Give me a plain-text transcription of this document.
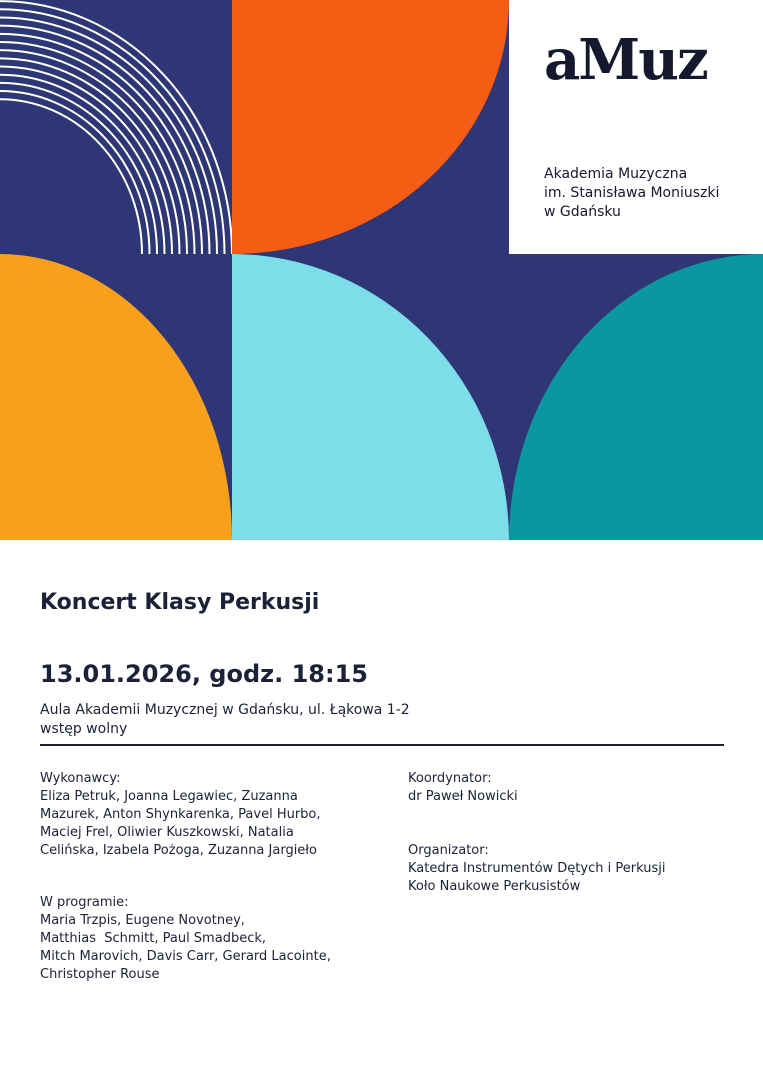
aMuz
Akademia Muzyczna
im. Stanisława Moniuszki
w Gdańsku
Koncert Klasy Perkusji
13.01.2026, godz. 18:15
Aula Akademii Muzycznej w Gdańsku, ul. Łąkowa 1-2
wstęp wolny
Wykonawcy:
Eliza Petruk, Joanna Legawiec, Zuzanna
Mazurek, Anton Shynkarenka, Pavel Hurbo,
Maciej Frel, Oliwier Kuszkowski, Natalia
Celińska, Izabela Pożoga, Zuzanna Jargieło
W programie:
Maria Trzpis, Eugene Novotney,
Matthias  Schmitt, Paul Smadbeck,
Mitch Marovich, Davis Carr, Gerard Lacointe,
Christopher Rouse
Koordynator:
dr Paweł Nowicki
Organizator:
Katedra Instrumentów Dętych i Perkusji
Koło Naukowe Perkusistów
